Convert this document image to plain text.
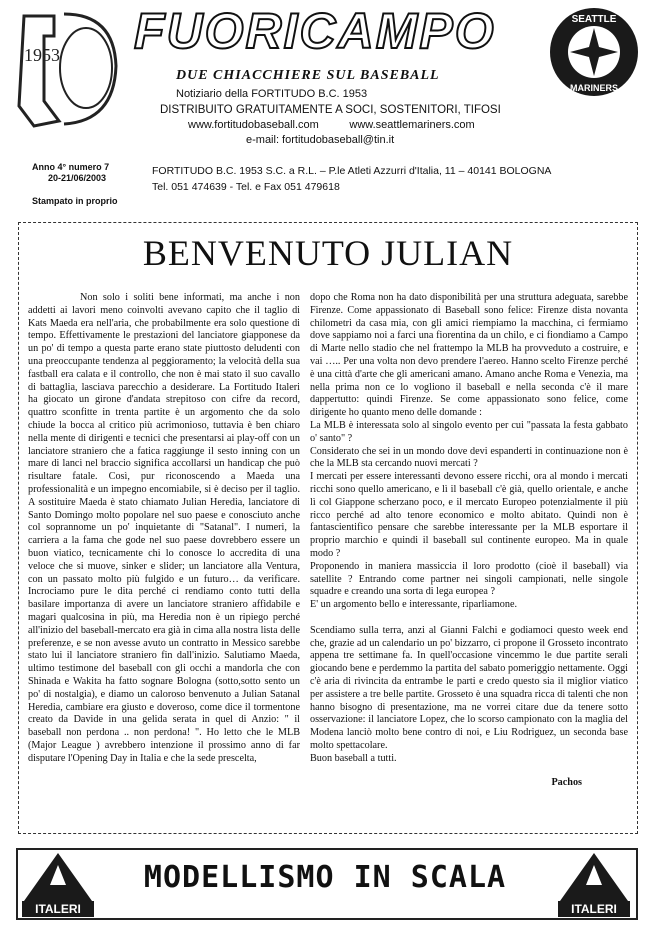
1953 FUORICAMPO	SEATTLE
MARINERS
DUE CHIACCHIERE SUL BASEBALL
Notiziario della FORTITUDO B.C. 1953
DISTRIBUITO GRATUITAMENTE A SOCI, SOSTENITORI, TIFOSI
www.fortitudobaseball.com          www.seattlemariners.com
e-mail: fortitudobaseball@tin.it
Anno 4° numero 7
20-21/06/2003
Stampato in proprio
FORTITUDO B.C. 1953 S.C. a R.L. – P.le Atleti Azzurri d'Italia, 11 – 40141 BOLOGNA
Tel. 051 474639 - Tel. e Fax 051 479618
BENVENUTO JULIAN

Non solo i soliti bene informati, ma anche i non addetti ai lavori meno coinvolti avevano capito che il taglio di Kats Maeda era nell'aria, che probabilmente era solo questione di tempo. Effettivamente le prestazioni del lanciatore giapponese da un po' di tempo a questa parte erano state piuttosto deludenti con una preoccupante tendenza al peggioramento; la velocità della sua fastball era calata e il controllo, che non è mai stato il suo cavallo di battaglia, lasciava parecchio a desiderare. La Fortitudo Italeri ha giocato un girone d'andata strepitoso con cifre da record, quattro sconfitte in trenta partite è un argomento che da solo chiude la bocca al critico più acrimonioso, tuttavia è ben chiaro nella mente di dirigenti e tecnici che presentarsi ai play-off con un lanciatore straniero che a fatica raggiunge il sesto inning con un mare di lanci nel braccio significa accollarsi un handicap che può risultare fatale. Così, pur riconoscendo a Maeda una professionalità e un impegno encomiabile, si è deciso per il taglio. A sostituire Maeda è stato chiamato Julian Heredia, lanciatore di Santo Domingo molto popolare nel suo paese e conosciuto anche col soprannome un po' inquietante di "Satanal". I numeri, la carriera a la fama che gode nel suo paese dovrebbero essere un buon viatico, tecnicamente chi lo conosce lo accredita di una veloce che si muove, sinker e slider; un lanciatore alla Ventura, con un passato molto più fulgido e un futuro… da verificare. Incrociamo pure le dita perché ci rendiamo conto tutti della basilare importanza di avere un lanciatore straniero affidabile e magari qualcosina in più, ma Heredia non è un ripiego perché all'inizio del baseball-mercato era già in cima alla nostra lista delle preferenze, e se non avesse avuto un contratto in Messico sarebbe stato lui il lanciatore straniero fin dall'inizio. Salutiamo Maeda, ultimo testimone del baseball con gli occhi a mandorla che con Shinada e Wakita ha fatto sognare Bologna (sotto,sotto sento un po' di nostalgia), e diamo un caloroso benvenuto a Julian Satanal Heredia, cambiare era giusto e doveroso, come dice il tormentone creato da Davide in una gelida serata in quel di Anzio: " il baseball non perdona .. non perdona! ". Ho letto che le MLB (Major League ) avrebbero intenzione il prossimo anno di far disputare l'Opening Day in Italia e che la sede prescelta,

dopo che Roma non ha dato disponibilità per una struttura adeguata, sarebbe Firenze. Come appassionato di Baseball sono felice: Firenze dista novanta chilometri da casa mia, con gli amici riempiamo la macchina, ci fermiamo dove sappiamo noi a farci una fiorentina da un chilo, e ci fiondiamo a Campo di Marte nello stadio che nel frattempo la MLB ha provveduto a costruire, e vai ….. Per una volta non devo prendere l'aereo. Hanno scelto Firenze perché è una città d'arte che gli americani amano. Amano anche Roma e Venezia, ma nella prima non ce lo vogliono il baseball e nella seconda c'è il mare dappertutto: quindi Firenze. Se come appassionato sono felice, come dirigente ho quanto meno delle domande :

La MLB è interessata solo al singolo evento per cui "passata la festa gabbato o' santo" ?

Considerato che sei in un mondo dove devi espanderti in continuazione non è che la MLB sta cercando nuovi mercati ?

I mercati per essere interessanti devono essere ricchi, ora al mondo i mercati ricchi sono quello americano, e lì il baseball c'è già, quello orientale, e anche lì col Giappone scherzano poco, e il mercato Europeo potenzialmente il più ricco perché ad alto tenore economico e molto abitato. Quindi non è fantascientifico pensare che sarebbe interessante per la MLB esportare il proprio marchio e quindi il baseball sul continente europeo. Ma in quale modo ?

Proponendo in maniera massiccia il loro prodotto (cioè il baseball) via satellite ? Entrando come partner nei singoli campionati, nelle singole squadre e creando una sorta di lega europea ?

E' un argomento bello e interessante, riparliamone.

Scendiamo sulla terra, anzi al Gianni Falchi e godiamoci questo week end che, grazie ad un calendario un po' bizzarro, ci propone il Grosseto incontrato appena tre settimane fa. In quell'occasione vincemmo le due partite serali giocando bene e perdemmo la partita del sabato pomeriggio nettamente. Oggi c'è aria di rivincita da entrambe le parti e credo questo sia il miglior viatico per assistere a tre belle partite. Grosseto è una squadra ricca di talenti che non hanno bisogno di presentazione, ma ne vorrei citare due da tenere sotto osservazione: il lanciatore Lopez, che lo scorso campionato con la maglia del Modena lanciò molto bene contro di noi, e Liu Rodriguez, un seconda base molto spettacolare.

Buon baseball a tutti.

Pachos

ITALERI
MODELLISMO IN SCALA
ITALERI
